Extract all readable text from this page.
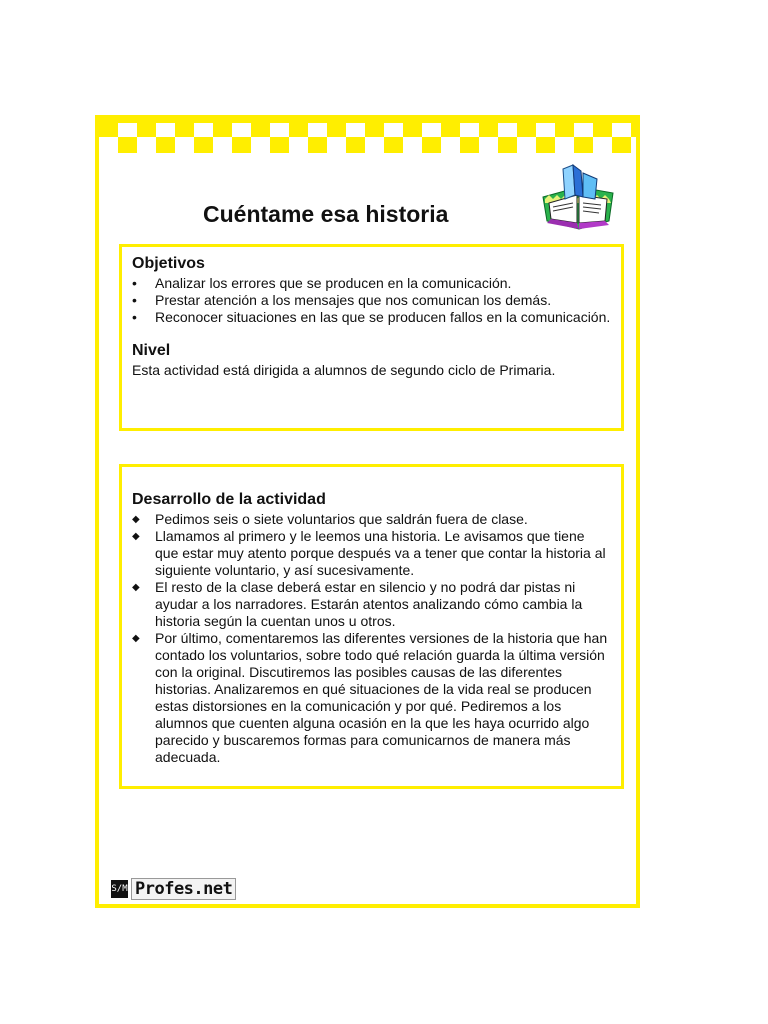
Cuéntame esa historia
Objetivos
• Analizar los errores que se producen en la comunicación.
• Prestar atención a los mensajes que nos comunican los demás.
• Reconocer situaciones en las que se producen fallos en la comunicación.
Nivel

Esta actividad está dirigida a alumnos de segundo ciclo de Primaria.

Desarrollo de la actividad
◆ Pedimos seis o siete voluntarios que saldrán fuera de clase.
◆ Llamamos al primero y le leemos una historia. Le avisamos que tiene que estar muy atento porque después va a tener que contar la historia al siguiente voluntario, y así sucesivamente.
◆ El resto de la clase deberá estar en silencio y no podrá dar pistas ni ayudar a los narradores. Estarán atentos analizando cómo cambia la historia según la cuentan unos u otros.
◆ Por último, comentaremos las diferentes versiones de la historia que han contado los voluntarios, sobre todo qué relación guarda la última versión con la original. Discutiremos las posibles causas de las diferentes historias. Analizaremos en qué situaciones de la vida real se producen estas distorsiones en la comunicación y por qué. Pediremos a los alumnos que cuenten alguna ocasión en la que les haya ocurrido algo parecido y buscaremos formas para comunicarnos de manera más adecuada.
S/M Profes.net
